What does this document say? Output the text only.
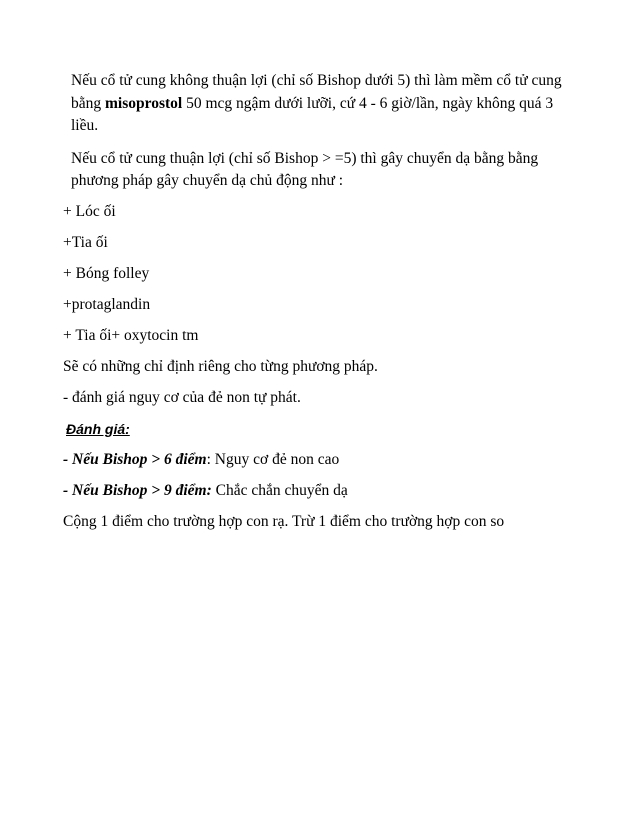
Nếu cổ tử cung không thuận lợi (chỉ số Bishop dưới 5) thì làm mềm cổ tử cung bằng misoprostol 50 mcg ngậm dưới lưỡi, cứ 4 - 6 giờ/lần, ngày không quá 3 liều.

Nếu cổ tử cung thuận lợi (chỉ số Bishop > =5) thì gây chuyển dạ bằng bằng phương pháp gây chuyển dạ chủ động như :

+ Lóc ối

+Tia ối

+ Bóng folley

+protaglandin

+ Tia ối+ oxytocin tm

Sẽ có những chỉ định riêng cho từng phương pháp.

- đánh giá nguy cơ của đẻ non tự phát.

Đánh giá:

- Nếu Bishop > 6 điểm: Nguy cơ đẻ non cao

- Nếu Bishop > 9 điểm: Chắc chắn chuyển dạ

Cộng 1 điểm cho trường hợp con rạ. Trừ 1 điểm cho trường hợp con so
